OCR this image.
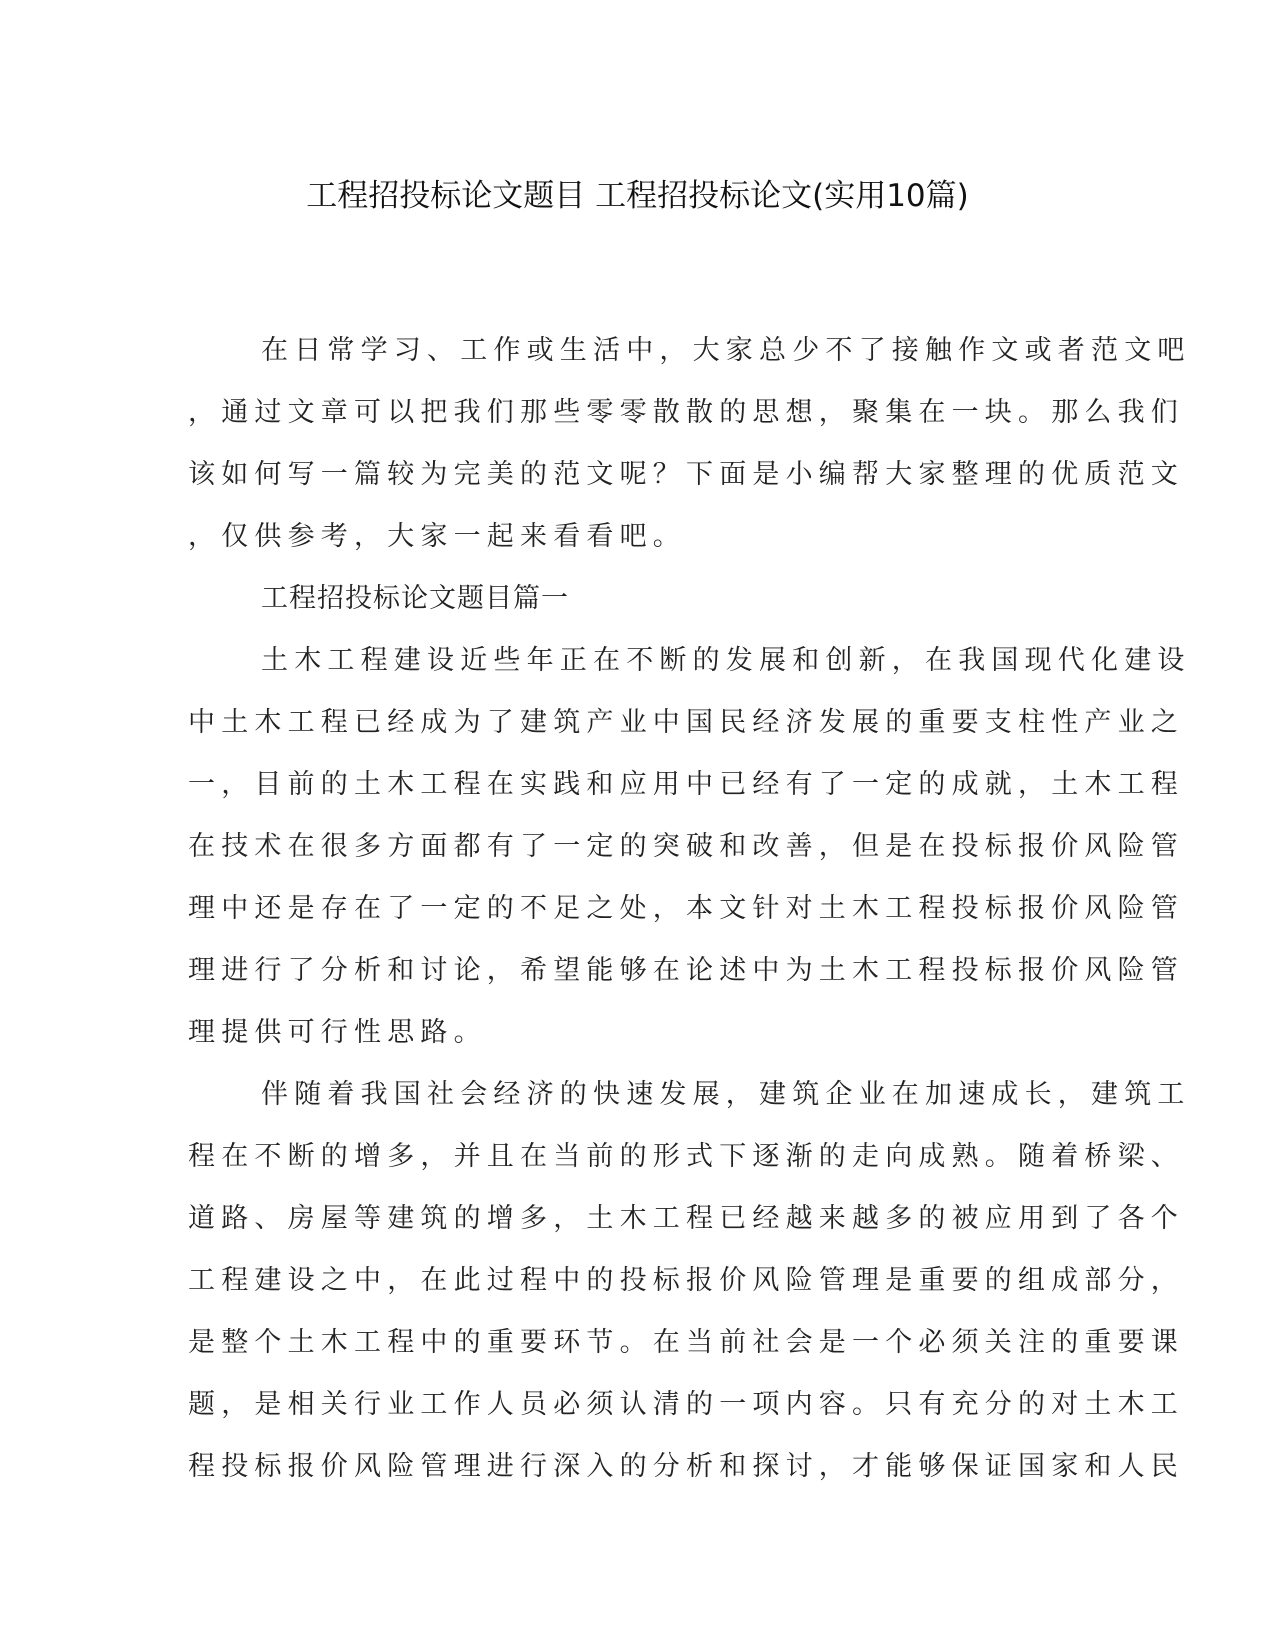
工程招投标论文题目 工程招投标论文(实用10篇)
在日常学习、工作或生活中，大家总少不了接触作文或者范文吧
，通过文章可以把我们那些零零散散的思想，聚集在一块。那么我们
该如何写一篇较为完美的范文呢？下面是小编帮大家整理的优质范文
，仅供参考，大家一起来看看吧。
工程招投标论文题目篇一
土木工程建设近些年正在不断的发展和创新，在我国现代化建设
中土木工程已经成为了建筑产业中国民经济发展的重要支柱性产业之
一，目前的土木工程在实践和应用中已经有了一定的成就，土木工程
在技术在很多方面都有了一定的突破和改善，但是在投标报价风险管
理中还是存在了一定的不足之处，本文针对土木工程投标报价风险管
理进行了分析和讨论，希望能够在论述中为土木工程投标报价风险管
理提供可行性思路。
伴随着我国社会经济的快速发展，建筑企业在加速成长，建筑工
程在不断的增多，并且在当前的形式下逐渐的走向成熟。随着桥梁、
道路、房屋等建筑的增多，土木工程已经越来越多的被应用到了各个
工程建设之中，在此过程中的投标报价风险管理是重要的组成部分，
是整个土木工程中的重要环节。在当前社会是一个必须关注的重要课
题，是相关行业工作人员必须认清的一项内容。只有充分的对土木工
程投标报价风险管理进行深入的分析和探讨，才能够保证国家和人民
